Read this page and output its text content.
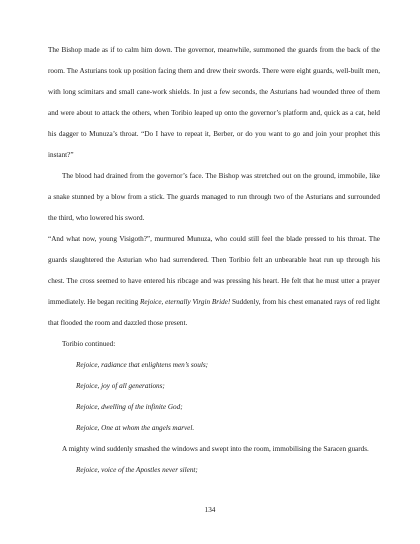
The Bishop made as if to calm him down. The governor, meanwhile, summoned the guards from the back of the room. The Asturians took up position facing them and drew their swords. There were eight guards, well-built men, with long scimitars and small cane-work shields. In just a few seconds, the Asturians had wounded three of them and were about to attack the others, when Toribio leaped up onto the governor’s platform and, quick as a cat, held his dagger to Munuza’s throat. “Do I have to repeat it, Berber, or do you want to go and join your prophet this instant?”

The blood had drained from the governor’s face. The Bishop was stretched out on the ground, immobile, like a snake stunned by a blow from a stick. The guards managed to run through two of the Asturians and surrounded the third, who lowered his sword.

“And what now, young Visigoth?”, murmured Munuza, who could still feel the blade pressed to his throat. The guards slaughtered the Asturian who had surrendered. Then Toribio felt an unbearable heat run up through his chest. The cross seemed to have entered his ribcage and was pressing his heart. He felt that he must utter a prayer immediately. He began reciting Rejoice, eternally Virgin Bride! Suddenly, from his chest emanated rays of red light that flooded the room and dazzled those present.

Toribio continued:

Rejoice, radiance that enlightens men’s souls;

Rejoice, joy of all generations;

Rejoice, dwelling of the infinite God;

Rejoice, One at whom the angels marvel.

A mighty wind suddenly smashed the windows and swept into the room, immobilising the Saracen guards.

Rejoice, voice of the Apostles never silent;

134
